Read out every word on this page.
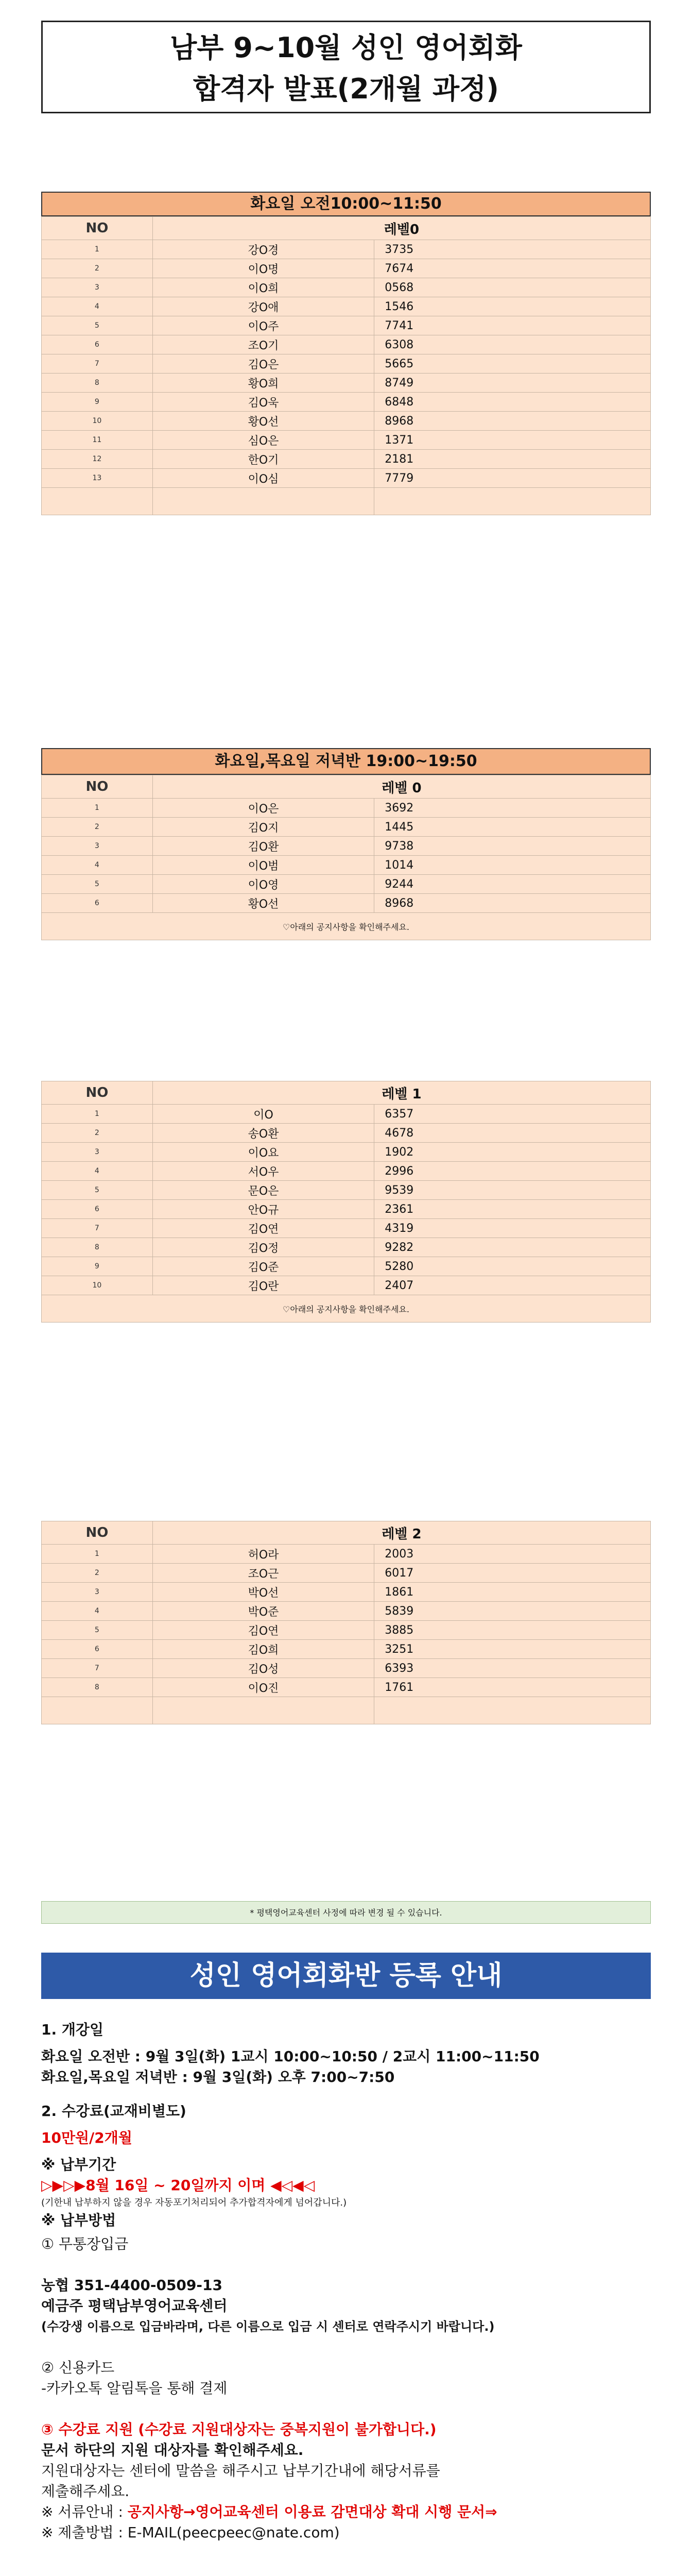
남부 9~10월 성인 영어회화
합격자 발표(2개월 과정)
화요일 오전10:00~11:50
NO	레벨0	
1	강O경	3735
2	이O명	7674
3	이O희	0568
4	강O애	1546
5	이O주	7741
6	조O기	6308
7	김O은	5665
8	황O희	8749
9	김O욱	6848
10	황O선	8968
11	심O은	1371
12	한O기	2181
13	이O심	7779

화요일,목요일 저녁반 19:00~19:50
NO	레벨 0	
1	이O은	3692
2	김O지	1445
3	김O환	9738
4	이O범	1014
5	이O영	9244
6	황O선	8968
♡아래의 공지사항을 확인해주세요.		
NO	레벨 1	
1	이O	6357
2	송O환	4678
3	이O요	1902
4	서O우	2996
5	문O은	9539
6	안O규	2361
7	김O연	4319
8	김O정	9282
9	김O준	5280
10	김O란	2407
♡아래의 공지사항을 확인해주세요.		
NO	레벨 2	
1	허O라	2003
2	조O근	6017
3	박O선	1861
4	박O준	5839
5	김O연	3885
6	김O희	3251
7	김O성	6393
8	이O진	1761

* 평택영어교육센터 사정에 따라 변경 될 수 있습니다.
성인 영어회화반 등록 안내
1. 개강일
화요일 오전반 : 9월 3일(화) 1교시 10:00~10:50 / 2교시 11:00~11:50
화요일,목요일 저녁반 : 9월 3일(화) 오후 7:00~7:50
2. 수강료(교재비별도)
10만원/2개월
※ 납부기간
▷▶▷▶8월 16일 ~ 20일까지 이며 ◀◁◀◁
(기한내 납부하지 않을 경우 자동포기처리되어 추가합격자에게 넘어갑니다.)
※ 납부방법
① 무통장입금
농협 351-4400-0509-13
예금주 평택남부영어교육센터
(수강생 이름으로 입금바라며, 다른 이름으로 입금 시 센터로 연락주시기 바랍니다.)
② 신용카드
-카카오톡 알림톡을 통해 결제
③ 수강료 지원 (수강료 지원대상자는 중복지원이 불가합니다.)
문서 하단의 지원 대상자를 확인해주세요.
지원대상자는 센터에 말씀을 해주시고 납부기간내에 해당서류를
제출해주세요.
※ 서류안내 : 공지사항→영어교육센터 이용료 감면대상 확대 시행 문서⇒
※ 제출방법 : E-MAIL(peecpeec@nate.com)
